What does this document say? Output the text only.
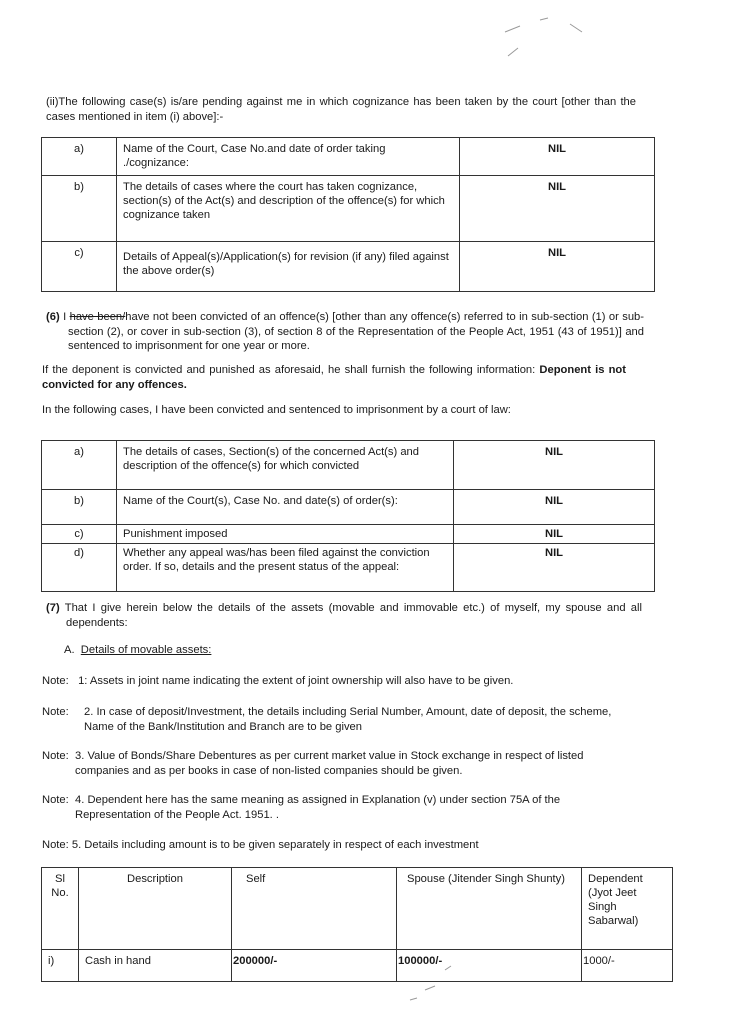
(ii)The following case(s) is/are pending against me in which cognizance has been taken by the court [other than the cases mentioned in item (i) above]:-

a)	Name of the Court, Case No.and date of order taking ./cognizance:	NIL
b)	The details of cases where the court has taken cognizance, section(s) of the Act(s) and description of the offence(s) for which cognizance taken	NIL
c)	Details of Appeal(s)/Application(s) for revision (if any) filed against the above order(s)	NIL

(6) I have been/have not been convicted of an offence(s) [other than any offence(s) referred to in sub-section (1) or sub-section (2), or cover in sub-section (3), of section 8 of the Representation of the People Act, 1951 (43 of 1951)] and sentenced to imprisonment for one year or more.

If the deponent is convicted and punished as aforesaid, he shall furnish the following information: Deponent is not convicted for any offences.

In the following cases, I have been convicted and sentenced to imprisonment by a court of law:

a)	The details of cases, Section(s) of the concerned Act(s) and description of the offence(s) for which convicted	NIL
b)	Name of the Court(s), Case No. and date(s) of order(s):	NIL
c)	Punishment imposed	NIL
d)	Whether any appeal was/has been filed against the conviction order. If so, details and the present status of the appeal:	NIL

(7) That I give herein below the details of the assets (movable and immovable etc.) of myself, my spouse and all dependents:

A. Details of movable assets:

Note: 1: Assets in joint name indicating the extent of joint ownership will also have to be given.
Note:	2. In case of deposit/Investment, the details including Serial Number, Amount, date of deposit, the scheme, Name of the Bank/Institution and Branch are to be given
Note: 3. Value of Bonds/Share Debentures as per current market value in Stock exchange in respect of listed companies and as per books in case of non-listed companies should be given.
Note: 4. Dependent here has the same meaning as assigned in Explanation (v) under section 75A of the Representation of the People Act. 1951. .
Note: 5. Details including amount is to be given separately in respect of each investment
Sl No.	Description	Self	Spouse (Jitender Singh Shunty)	Dependent (Jyot Jeet Singh Sabarwal)
i)	Cash in hand	200000/-	100000/-	1000/-
